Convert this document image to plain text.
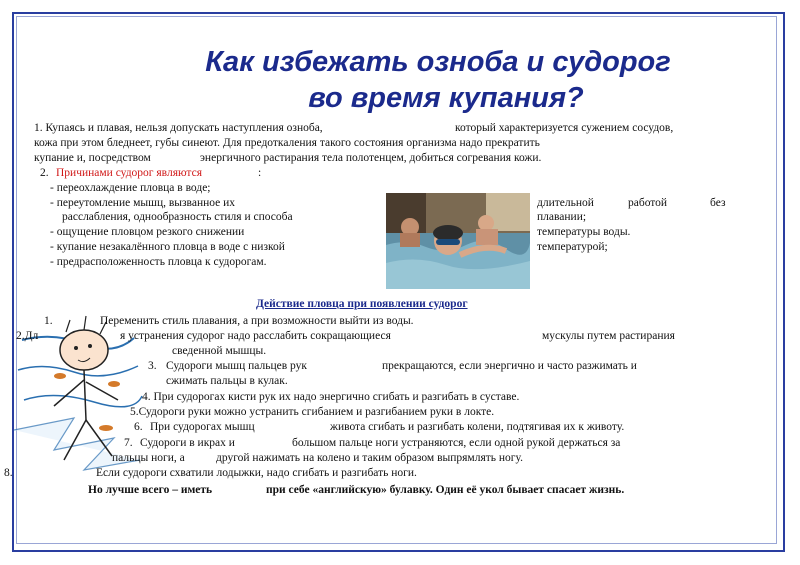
Как избежать озноба и судорог
во время купания?
1. Купаясь и плавая, нельзя допускать наступления озноба,	который характеризуется сужением сосудов,
кожа при этом бледнеет, губы синеют. Для предоткаления такого состояния организма надо прекратить
купание и, посредством	энергичного растирания тела полотенцем, добиться согревания кожи.
2. Причинами судорог являются	:
- переохлаждение пловца в воде;
- переутомление мышц, вызванное их
расслабления, однообразность стиля и способа
- ощущение пловцом резкого снижении
- купание незакалённого пловца в воде с низкой
- предрасположенность пловца к судорогам.
длительной	работой	без
плавании;
температуры воды.
температурой;
Действие пловца при появлении судорог
1.	Переменить стиль плавания, а при возможности выйти из воды.
2.Дл	я устранения судорог надо расслабить сокращающиеся	мускулы путем растирания
сведенной мышцы.
3. Судороги мышц пальцев рук	прекращаются, если энергично и часто разжимать и
сжимать пальцы в кулак.
4. При судорогах кисти рук их надо энергично сгибать и разгибать в суставе.
5.Судороги руки можно устранить сгибанием и разгибанием руки в локте.
6. При судорогах мышц	живота сгибать и разгибать колени, подтягивая их к животу.
7. Судороги в икрах и	большом пальце ноги устраняются, если одной рукой держаться за
пальцы ноги, а	другой нажимать на колено и таким образом выпрямлять ногу.
8.	Если судороги схватили лодыжки, надо сгибать и разгибать ноги.
Но лучше всего – иметь	при себе «английскую» булавку. Один её укол бывает спасает жизнь.
